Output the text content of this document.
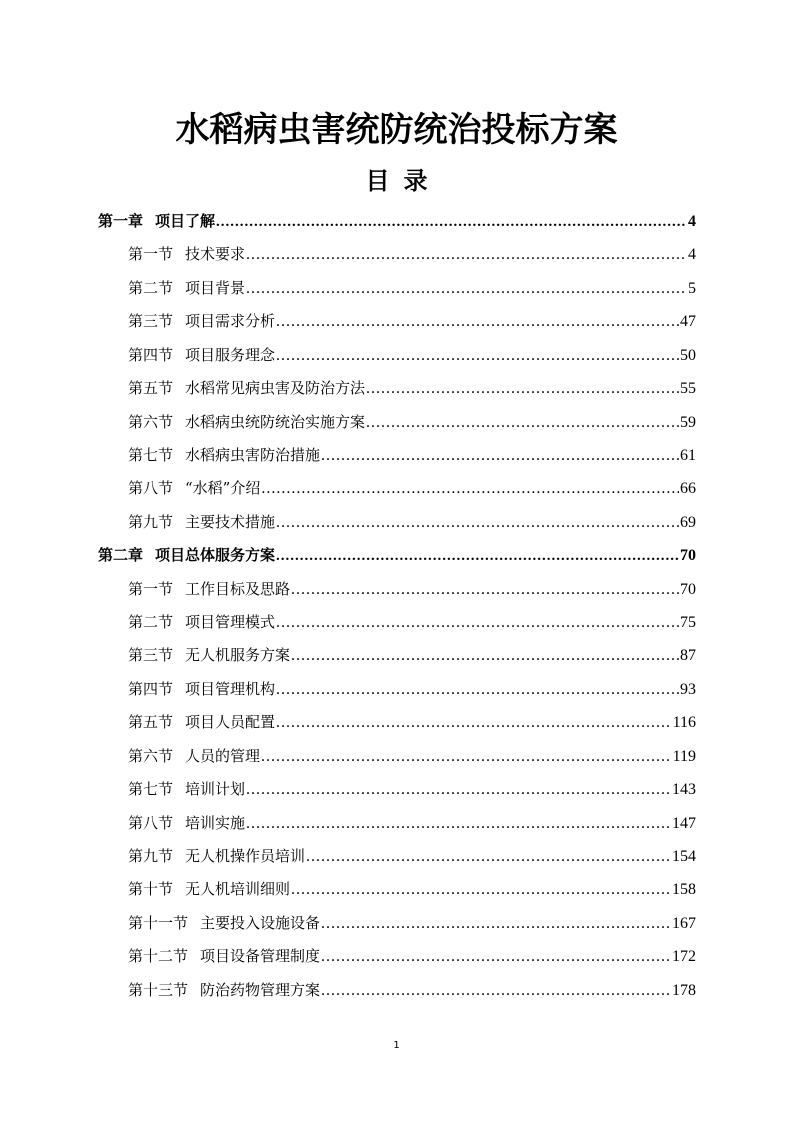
水稻病虫害统防统治投标方案
目录
第一章 项目了解 .....	4
第一节 技术要求 .....	4
第二节 项目背景 .....	5
第三节 项目需求分析 .....	47
第四节 项目服务理念 .....	50
第五节 水稻常见病虫害及防治方法 .....	55
第六节 水稻病虫统防统治实施方案 .....	59
第七节 水稻病虫害防治措施 .....	61
第八节 “水稻”介绍 .....	66
第九节 主要技术措施 .....	69
第二章 项目总体服务方案 .....	70
第一节 工作目标及思路 .....	70
第二节 项目管理模式 .....	75
第三节 无人机服务方案 .....	87
第四节 项目管理机构 .....	93
第五节 项目人员配置 .....	116
第六节 人员的管理 .....	119
第七节 培训计划 .....	143
第八节 培训实施 .....	147
第九节 无人机操作员培训 .....	154
第十节 无人机培训细则 .....	158
第十一节 主要投入设施设备 .....	167
第十二节 项目设备管理制度 .....	172
第十三节 防治药物管理方案 .....	178
1
